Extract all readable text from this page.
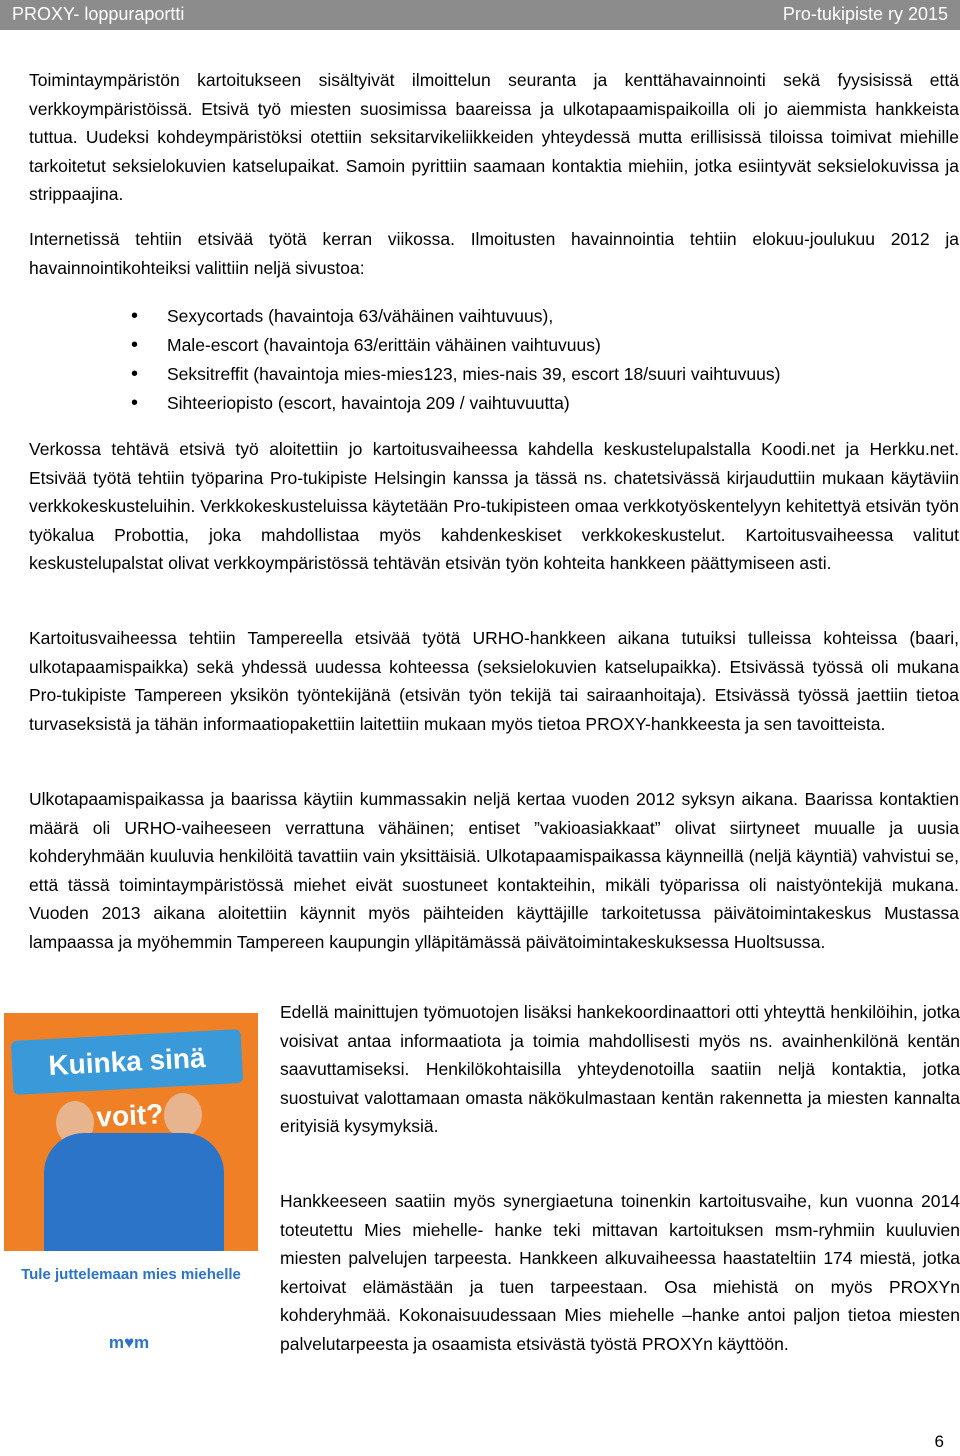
PROXY- loppuraportti	Pro-tukipiste ry 2015

Toimintaympäristön kartoitukseen sisältyivät ilmoittelun seuranta ja kenttähavainnointi sekä fyysisissä että verkkoympäristöissä. Etsivä työ miesten suosimissa baareissa ja ulkotapaamispaikoilla oli jo aiemmista hankkeista tuttua. Uudeksi kohdeympäristöksi otettiin seksitarvikeliikkeiden yhteydessä mutta erillisissä tiloissa toimivat miehille tarkoitetut seksielokuvien katselupaikat. Samoin pyrittiin saamaan kontaktia miehiin, jotka esiintyvät seksielokuvissa ja strippaajina.

Internetissä tehtiin etsivää työtä kerran viikossa. Ilmoitusten havainnointia tehtiin elokuu-joulukuu 2012 ja havainnointikohteiksi valittiin neljä sivustoa:

• Sexycortads (havaintoja 63/vähäinen vaihtuvuus),
• Male-escort (havaintoja 63/erittäin vähäinen vaihtuvuus)
• Seksitreffit (havaintoja mies-mies123, mies-nais 39, escort 18/suuri vaihtuvuus)
• Sihteeriopisto (escort, havaintoja 209 / vaihtuvuutta)

Verkossa tehtävä etsivä työ aloitettiin jo kartoitusvaiheessa kahdella keskustelupalstalla Koodi.net ja Herkku.net. Etsivää työtä tehtiin työparina Pro-tukipiste Helsingin kanssa ja tässä ns. chatetsivässä kirjauduttiin mukaan käytäviin verkkokeskusteluihin. Verkkokeskusteluissa käytetään Pro-tukipisteen omaa verkkotyöskentelyyn kehitettyä etsivän työn työkalua Probottia, joka mahdollistaa myös kahdenkeskiset verkkokeskustelut. Kartoitusvaiheessa valitut keskustelupalstat olivat verkkoympäristössä tehtävän etsivän työn kohteita hankkeen päättymiseen asti.

Kartoitusvaiheessa tehtiin Tampereella etsivää työtä URHO-hankkeen aikana tutuiksi tulleissa kohteissa (baari, ulkotapaamispaikka) sekä yhdessä uudessa kohteessa (seksielokuvien katselupaikka). Etsivässä työssä oli mukana Pro-tukipiste Tampereen yksikön työntekijänä (etsivän työn tekijä tai sairaanhoitaja). Etsivässä työssä jaettiin tietoa turvaseksistä ja tähän informaatiopakettiin laitettiin mukaan myös tietoa PROXY-hankkeesta ja sen tavoitteista.

Ulkotapaamispaikassa ja baarissa käytiin kummassakin neljä kertaa vuoden 2012 syksyn aikana. Baarissa kontaktien määrä oli URHO-vaiheeseen verrattuna vähäinen; entiset ”vakioasiakkaat” olivat siirtyneet muualle ja uusia kohderyhmään kuuluvia henkilöitä tavattiin vain yksittäisiä. Ulkotapaamispaikassa käynneillä (neljä käyntiä) vahvistui se, että tässä toimintaympäristössä miehet eivät suostuneet kontakteihin, mikäli työparissa oli naistyöntekijä mukana. Vuoden 2013 aikana aloitettiin käynnit myös päihteiden käyttäjille tarkoitetussa päivätoimintakeskus Mustassa lampaassa ja myöhemmin Tampereen kaupungin ylläpitämässä päivätoimintakeskuksessa Huoltsussa.

Kuinka sinä voit?
Tule juttelemaan mies miehelle
m♥m

Edellä mainittujen työmuotojen lisäksi hankekoordinaattori otti yhteyttä henkilöihin, jotka voisivat antaa informaatiota ja toimia mahdollisesti myös ns. avainhenkilönä kentän saavuttamiseksi. Henkilökohtaisilla yhteydenotoilla saatiin neljä kontaktia, jotka suostuivat valottamaan omasta näkökulmastaan kentän rakennetta ja miesten kannalta erityisiä kysymyksiä.

Hankkeeseen saatiin myös synergiaetuna toinenkin kartoitusvaihe, kun vuonna 2014 toteutettu Mies miehelle- hanke teki mittavan kartoituksen msm-ryhmiin kuuluvien miesten palvelujen tarpeesta. Hankkeen alkuvaiheessa haastateltiin 174 miestä, jotka kertoivat elämästään ja tuen tarpeestaan. Osa miehistä on myös PROXYn kohderyhmää. Kokonaisuudessaan Mies miehelle –hanke antoi paljon tietoa miesten palvelutarpeesta ja osaamista etsivästä työstä PROXYn käyttöön.

6
